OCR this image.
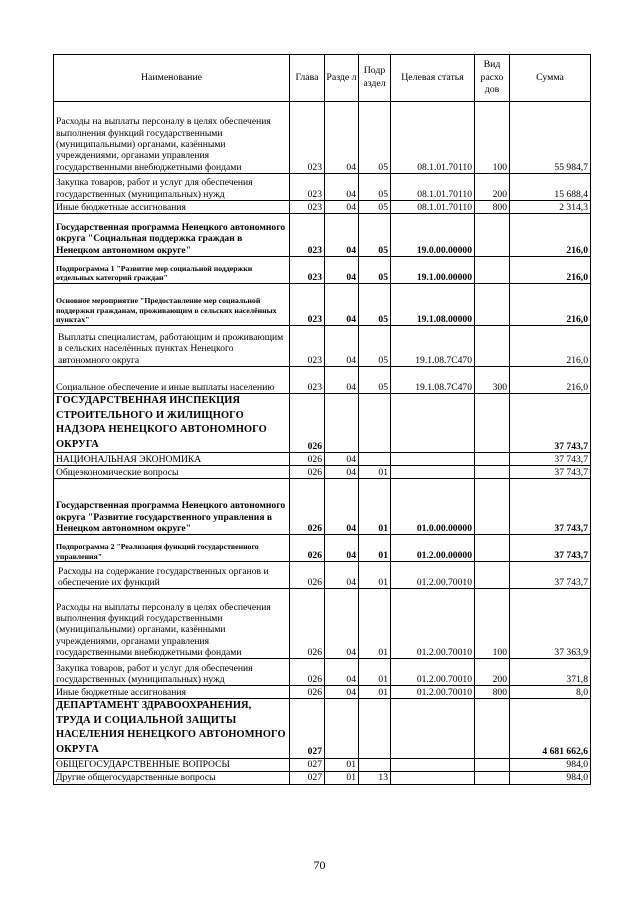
Наименование	Глава	Разде л	Подр аздел	Целевая статья	Вид расхо дов	Сумма
Расходы на выплаты персоналу в целях обеспечения выполнения функций государственными (муниципальными) органами, казёнными учреждениями, органами управления государственными внебюджетными фондами	023	04	05	08.1.01.70110	100	55 984,7
Закупка товаров, работ и услуг для обеспечения государственных (муниципальных) нужд	023	04	05	08.1.01.70110	200	15 688,4
Иные бюджетные ассигнования	023	04	05	08.1.01.70110	800	2 314,3
Государственная программа Ненецкого автономного округа "Социальная поддержка граждан в Ненецком автономном округе"	023	04	05	19.0.00.00000		216,0
Подпрограмма 1 "Развитие мер социальной поддержки отдельных категорий граждан"	023	04	05	19.1.00.00000		216,0
Основное мероприятие "Предоставление мер социальной поддержки гражданам, проживающим в сельских населённых пунктах"	023	04	05	19.1.08.00000		216,0
Выплаты специалистам, работающим и проживающим в сельских населённых пунктах Ненецкого автономного округа	023	04	05	19.1.08.7С470		216,0
Социальное обеспечение и иные выплаты населению	023	04	05	19.1.08.7С470	300	216,0
ГОСУДАРСТВЕННАЯ ИНСПЕКЦИЯ СТРОИТЕЛЬНОГО И ЖИЛИЩНОГО НАДЗОРА НЕНЕЦКОГО АВТОНОМНОГО ОКРУГА	026					37 743,7
НАЦИОНАЛЬНАЯ ЭКОНОМИКА	026	04				37 743,7
Общеэкономические вопросы	026	04	01			37 743,7
Государственная программа Ненецкого автономного округа "Развитие государственного управления в Ненецком автономном округе"	026	04	01	01.0.00.00000		37 743,7
Подпрограмма 2 "Реализация функций государственного управления"	026	04	01	01.2.00.00000		37 743,7
Расходы на содержание государственных органов и обеспечение их функций	026	04	01	01.2.00.70010		37 743,7
Расходы на выплаты персоналу в целях обеспечения выполнения функций государственными (муниципальными) органами, казёнными учреждениями, органами управления государственными внебюджетными фондами	026	04	01	01.2.00.70010	100	37 363,9
Закупка товаров, работ и услуг для обеспечения государственных (муниципальных) нужд	026	04	01	01.2.00.70010	200	371,8
Иные бюджетные ассигнования	026	04	01	01.2.00.70010	800	8,0
ДЕПАРТАМЕНТ ЗДРАВООХРАНЕНИЯ, ТРУДА И СОЦИАЛЬНОЙ ЗАЩИТЫ НАСЕЛЕНИЯ НЕНЕЦКОГО АВТОНОМНОГО ОКРУГА	027					4 681 662,6
ОБЩЕГОСУДАРСТВЕННЫЕ ВОПРОСЫ	027	01				984,0
Другие общегосударственные вопросы	027	01	13			984,0
70
